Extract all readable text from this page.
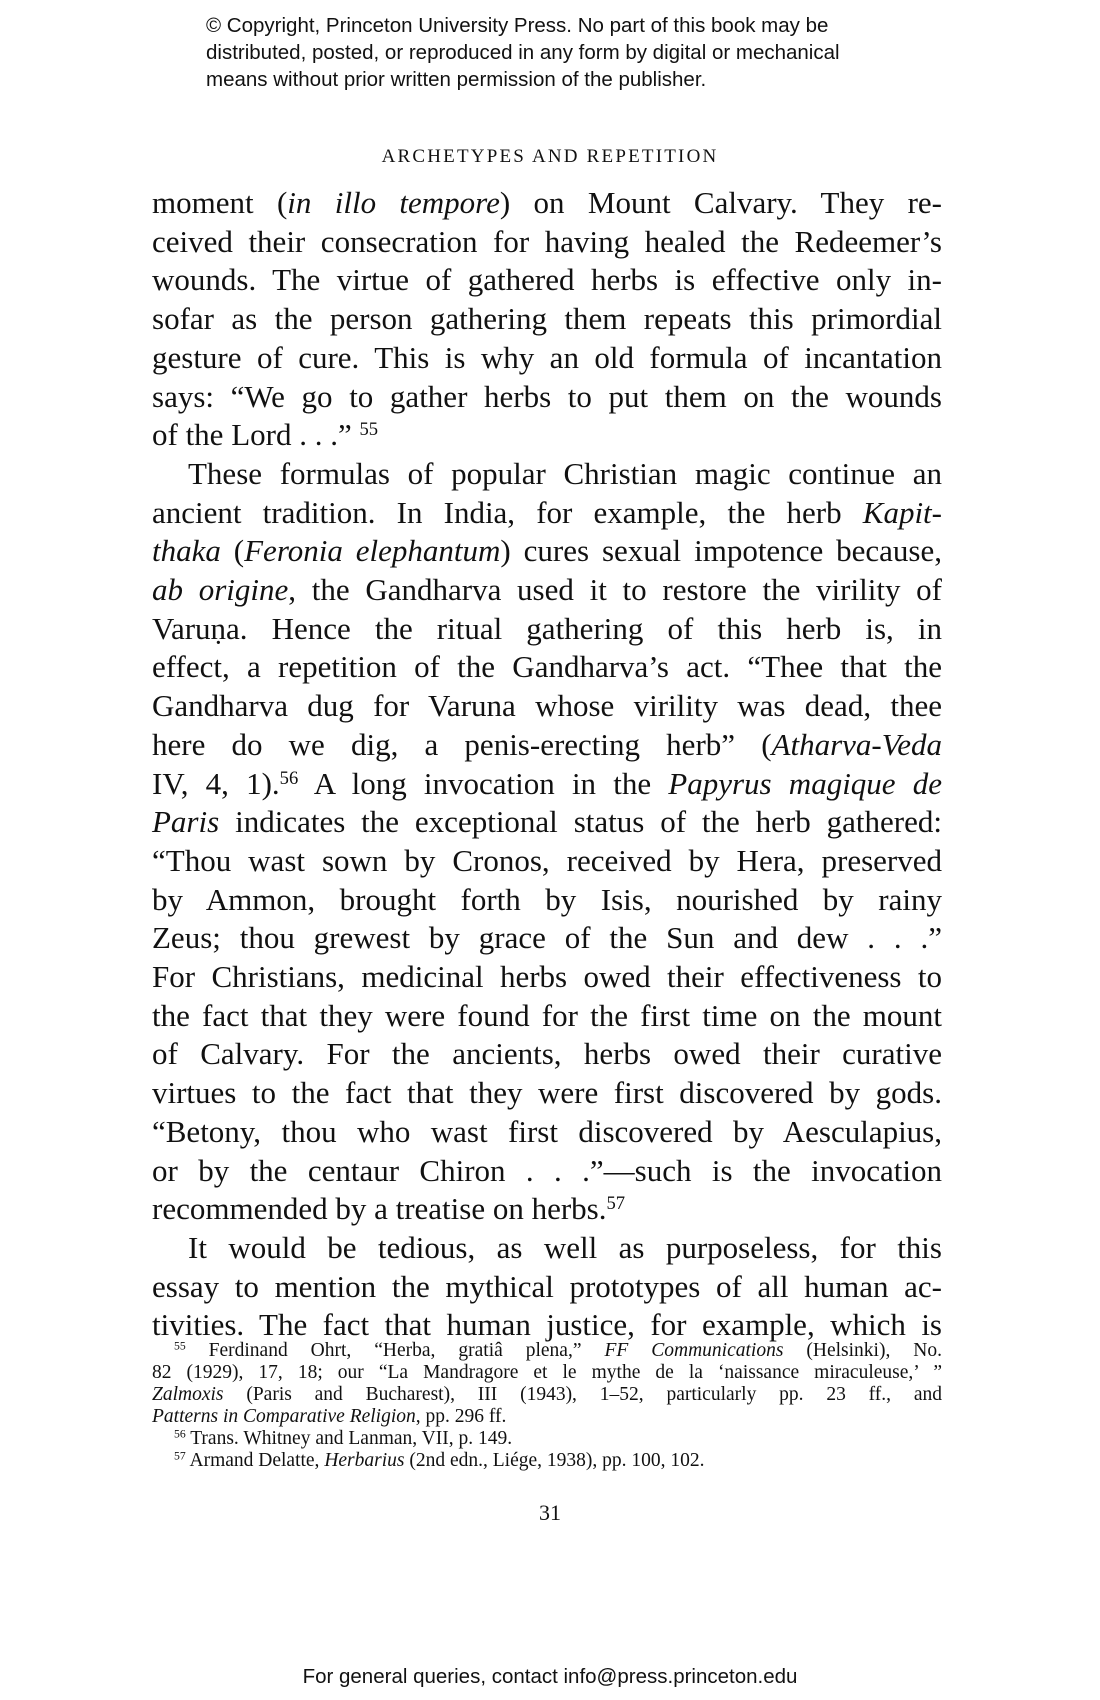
© Copyright, Princeton University Press. No part of this book may be
distributed, posted, or reproduced in any form by digital or mechanical
means without prior written permission of the publisher.
ARCHETYPES AND REPETITION
moment (in illo tempore) on Mount Calvary. They re-
ceived their consecration for having healed the Redeemer’s
wounds. The virtue of gathered herbs is effective only in-
sofar as the person gathering them repeats this primordial
gesture of cure. This is why an old formula of incantation
says: “We go to gather herbs to put them on the wounds
of the Lord . . .” $^{55}$
These formulas of popular Christian magic continue an
ancient tradition. In India, for example, the herb Kapit-
thaka (Feronia elephantum) cures sexual impotence because,
ab origine, the Gandharva used it to restore the virility of
Varuṇa. Hence the ritual gathering of this herb is, in
effect, a repetition of the Gandharva’s act. “Thee that the
Gandharva dug for Varuna whose virility was dead, thee
here do we dig, a penis-erecting herb” (Atharva-Veda
IV, 4, 1).$^{56}$ A long invocation in the Papyrus magique de
Paris indicates the exceptional status of the herb gathered:
“Thou wast sown by Cronos, received by Hera, preserved
by Ammon, brought forth by Isis, nourished by rainy
Zeus; thou grewest by grace of the Sun and dew . . .”
For Christians, medicinal herbs owed their effectiveness to
the fact that they were found for the first time on the mount
of Calvary. For the ancients, herbs owed their curative
virtues to the fact that they were first discovered by gods.
“Betony, thou who wast first discovered by Aesculapius,
or by the centaur Chiron . . .”—such is the invocation
recommended by a treatise on herbs.$^{57}$
It would be tedious, as well as purposeless, for this
essay to mention the mythical prototypes of all human ac-
tivities. The fact that human justice, for example, which is
$^{55}$ Ferdinand Ohrt, “Herba, gratiâ plena,” FF Communications (Helsinki), No.
82 (1929), 17, 18; our “La Mandragore et le mythe de la ‘naissance miraculeuse,’ ”
Zalmoxis (Paris and Bucharest), III (1943), 1–52, particularly pp. 23 ff., and
Patterns in Comparative Religion, pp. 296 ff.
$^{56}$ Trans. Whitney and Lanman, VII, p. 149.
$^{57}$ Armand Delatte, Herbarius (2nd edn., Liége, 1938), pp. 100, 102.
31
For general queries, contact info@press.princeton.edu
